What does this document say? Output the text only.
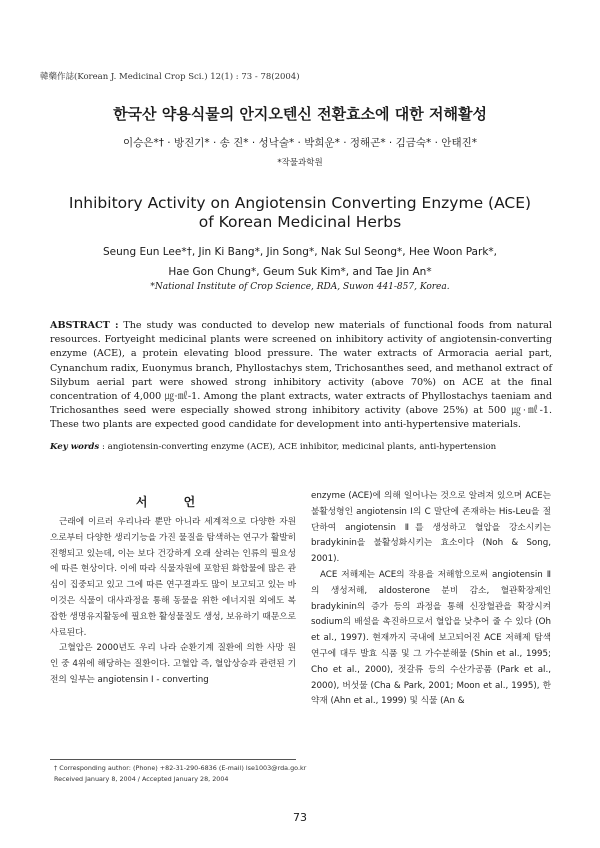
韓藥作誌(Korean J. Medicinal Crop Sci.) 12(1) : 73 - 78(2004)
한국산 약용식물의 안지오텐신 전환효소에 대한 저해활성
이승은*† · 방진기* · 송 진* · 성낙술* · 박희운* · 정해곤* · 김금숙* · 안태진*
*작물과학원
Inhibitory Activity on Angiotensin Converting Enzyme (ACE)
of Korean Medicinal Herbs
Seung Eun Lee*†, Jin Ki Bang*, Jin Song*, Nak Sul Seong*, Hee Woon Park*,
Hae Gon Chung*, Geum Suk Kim*, and Tae Jin An*
*National Institute of Crop Science, RDA, Suwon 441-857, Korea.
ABSTRACT : The study was conducted to develop new materials of functional foods from natural resources. Fortyeight medicinal plants were screened on inhibitory activity of angiotensin-converting enzyme (ACE), a protein elevating blood pressure. The water extracts of Armoracia aerial part, Cynanchum radix, Euonymus branch, Phyllostachys stem, Trichosanthes seed, and methanol extract of Silybum aerial part were showed strong inhibitory activity (above 70%) on ACE at the final concentration of 4,000 ㎍·㎖-1. Among the plant extracts, water extracts of Phyllostachys taeniam and Trichosanthes seed were especially showed strong inhibitory activity (above 25%) at 500 ㎍·㎖-1. These two plants are expected good candidate for development into anti-hypertensive materials.
Key words : angiotensin-converting enzyme (ACE), ACE inhibitor, medicinal plants, anti-hypertension
서 언

근래에 이르러 우리나라 뿐만 아니라 세계적으로 다양한 자원으로부터 다양한 생리기능을 가진 물질을 탐색하는 연구가 활발히 진행되고 있는데, 이는 보다 건강하게 오래 살려는 인류의 필요성에 따른 현상이다. 이에 따라 식물자원에 포함된 화합물에 많은 관심이 집중되고 있고 그에 따른 연구결과도 많이 보고되고 있는 바 이것은 식물이 대사과정을 통해 동물을 위한 에너지원 외에도 복잡한 생명유지활동에 필요한 활성물질도 생성, 보유하기 때문으로 사료된다.

고혈압은 2000년도 우리 나라 순환기계 질환에 의한 사망 원인 중 4위에 해당하는 질환이다. 고혈압 즉, 혈압상승과 관련된 기전의 일부는 angiotensin Ⅰ - converting

enzyme (ACE)에 의해 일어나는 것으로 알려져 있으며 ACE는 불활성형인 angiotensin Ⅰ의 C 말단에 존재하는 His-Leu을 절단하여 angiotensin Ⅱ를 생성하고 혈압을 강소시키는 bradykinin을 불활성화시키는 효소이다 (Noh & Song, 2001).

ACE 저해제는 ACE의 작용을 저해함으로써 angiotensin Ⅱ의 생성저해, aldosterone 분비 감소, 혈관확장제인 bradykinin의 증가 등의 과정을 통해 신장혈관을 확장시켜 sodium의 배설을 촉진하므로서 혈압을 낮추어 줄 수 있다 (Oh et al., 1997). 현재까지 국내에 보고되어진 ACE 저해제 탐색 연구에 대두 발효 식품 및 그 가수분해물 (Shin et al., 1995; Cho et al., 2000), 젓갈류 등의 수산가공품 (Park et al., 2000), 버섯물 (Cha & Park, 2001; Moon et al., 1995), 한약재 (Ahn et al., 1999) 및 식물 (An &

† Corresponding author: (Phone) +82-31-290-6836 (E-mail) lse1003@rda.go.kr
Received January 8, 2004 / Accepted January 28, 2004
73
